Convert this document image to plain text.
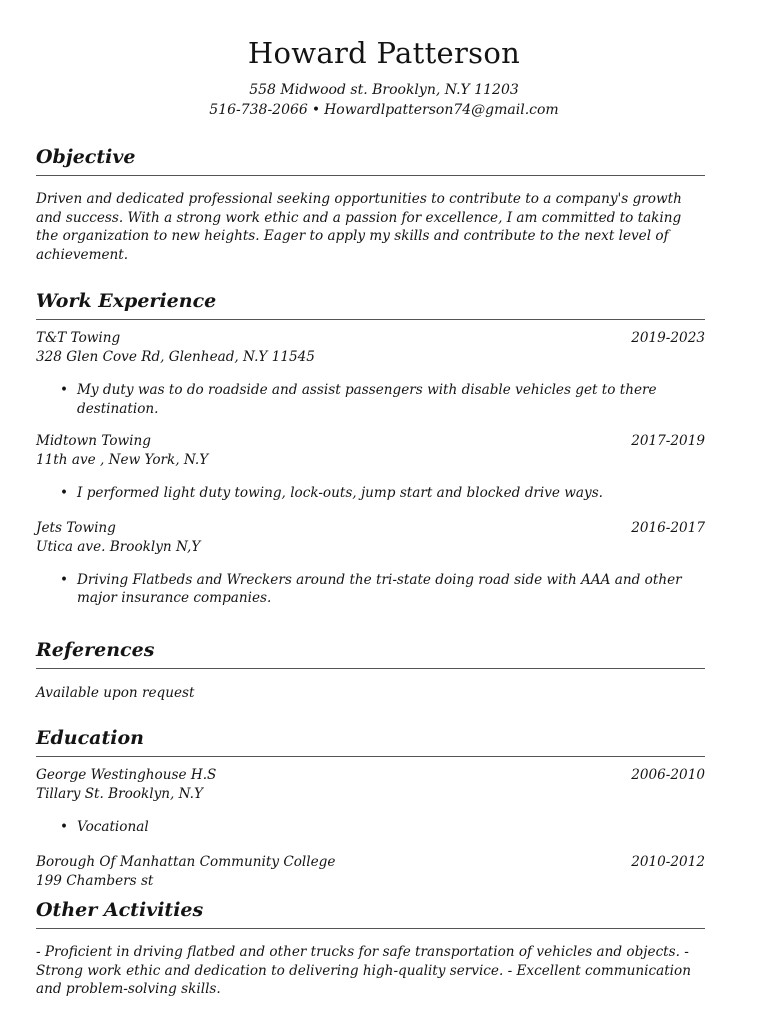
Howard Patterson
558 Midwood st. Brooklyn, N.Y 11203
516-738-2066 • Howardlpatterson74@gmail.com
Objective
Driven and dedicated professional seeking opportunities to contribute to a company's growth and success. With a strong work ethic and a passion for excellence, I am committed to taking the organization to new heights. Eager to apply my skills and contribute to the next level of achievement.
Work Experience
T&T Towing	2019-2023
328 Glen Cove Rd, Glenhead, N.Y 11545
• My duty was to do roadside and assist passengers with disable vehicles get to there destination.
Midtown Towing	2017-2019
11th ave , New York, N.Y
• I performed light duty towing, lock-outs, jump start and blocked drive ways.
Jets Towing	2016-2017
Utica ave. Brooklyn N,Y
• Driving Flatbeds and Wreckers around the tri-state doing road side with AAA and other major insurance companies.
References
Available upon request
Education
George Westinghouse H.S	2006-2010
Tillary St. Brooklyn, N.Y
• Vocational
Borough Of Manhattan Community College	2010-2012
199 Chambers st
Other Activities
- Proficient in driving flatbed and other trucks for safe transportation of vehicles and objects. - Strong work ethic and dedication to delivering high-quality service. - Excellent communication and problem-solving skills.
